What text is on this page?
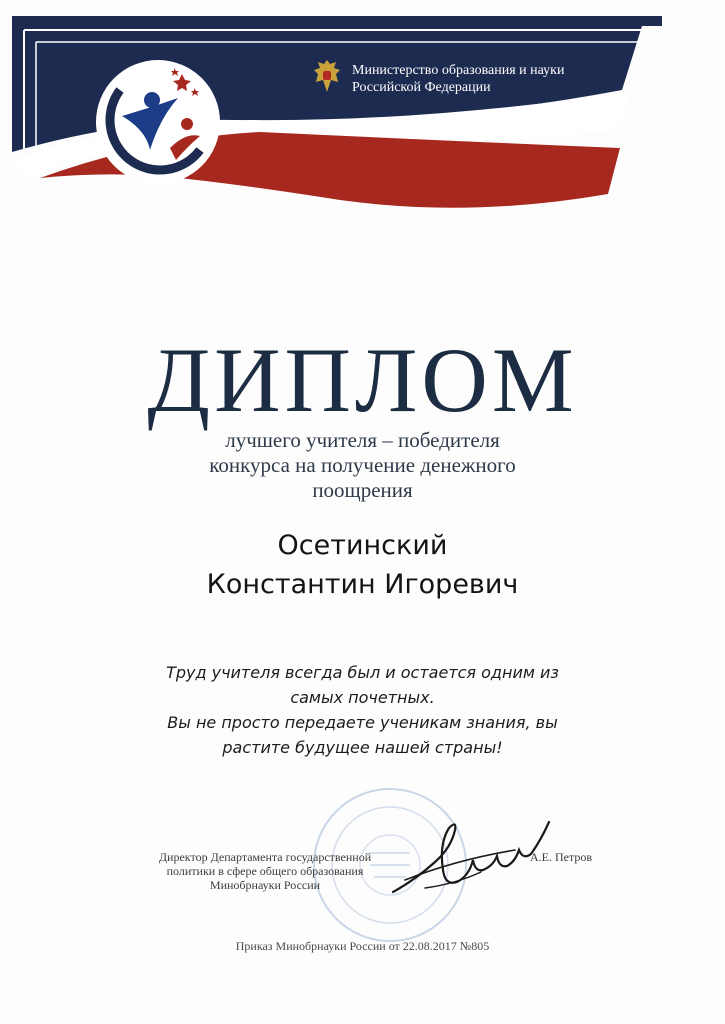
Министерство образования и науки
Российской Федерации
ДИПЛОМ
лучшего учителя – победителя
конкурса на получение денежного
поощрения
Осетинский
Константин Игоревич
Труд учителя всегда был и остается одним из
самых почетных.
Вы не просто передаете ученикам знания, вы
растите будущее нашей страны!
Директор Департамента государственной
политики в сфере общего образования
Минобрнауки России
А.Е. Петров
Приказ Минобрнауки России от 22.08.2017 №805
